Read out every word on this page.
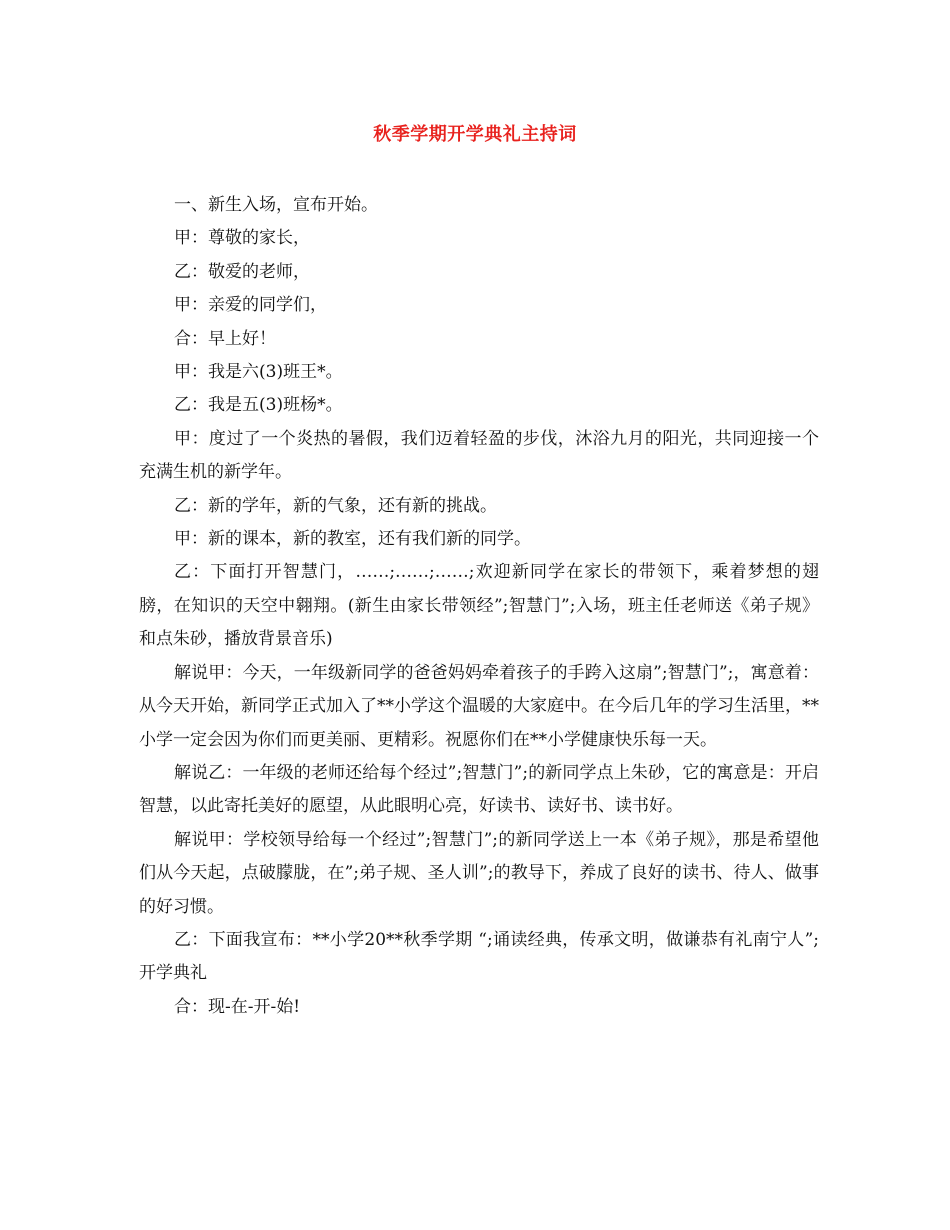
秋季学期开学典礼主持词

一、新生入场，宣布开始。

甲：尊敬的家长，

乙：敬爱的老师，

甲：亲爱的同学们，

合：早上好！

甲：我是六(3)班王*。

乙：我是五(3)班杨*。

甲：度过了一个炎热的暑假，我们迈着轻盈的步伐，沐浴九月的阳光，共同迎接一个充满生机的新学年。

乙：新的学年，新的气象，还有新的挑战。

甲：新的课本，新的教室，还有我们新的同学。

乙：下面打开智慧门，……;……;……;欢迎新同学在家长的带领下，乘着梦想的翅膀，在知识的天空中翱翔。(新生由家长带领经”;智慧门”;入场，班主任老师送《弟子规》和点朱砂，播放背景音乐)

解说甲：今天，一年级新同学的爸爸妈妈牵着孩子的手跨入这扇”;智慧门”;，寓意着：从今天开始，新同学正式加入了**小学这个温暖的大家庭中。在今后几年的学习生活里，**小学一定会因为你们而更美丽、更精彩。祝愿你们在**小学健康快乐每一天。

解说乙：一年级的老师还给每个经过”;智慧门”;的新同学点上朱砂，它的寓意是：开启智慧，以此寄托美好的愿望，从此眼明心亮，好读书、读好书、读书好。

解说甲：学校领导给每一个经过”;智慧门”;的新同学送上一本《弟子规》，那是希望他们从今天起，点破朦胧，在”;弟子规、圣人训”;的教导下，养成了良好的读书、待人、做事的好习惯。

乙：下面我宣布：**小学20**秋季学期 “;诵读经典，传承文明，做谦恭有礼南宁人”;开学典礼

合：现-在-开-始!
